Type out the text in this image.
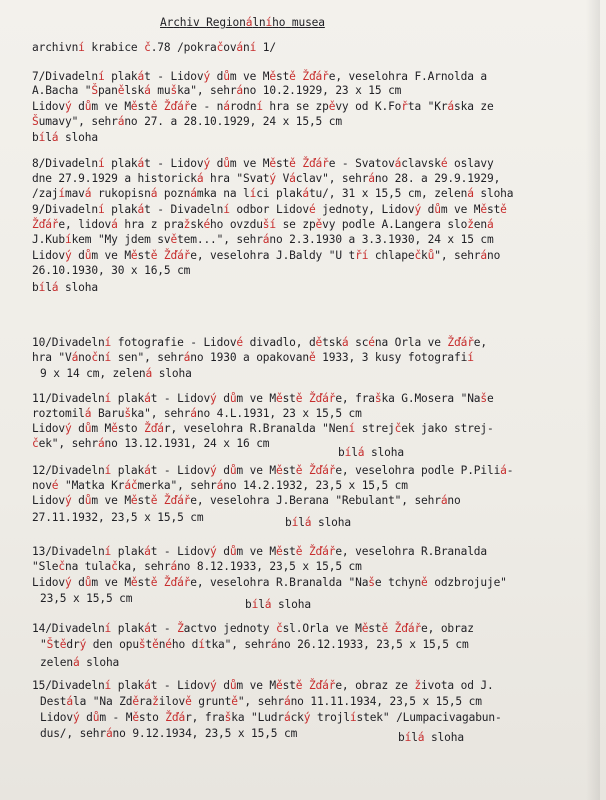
Archiv Regionálního musea
archivní krabice č.78 /pokračování 1/
7/Divadelní plakát - Lidový dům ve Městě Žďáře, veselohra F.Arnolda a
A.Bacha "Španělská muška", sehráno 10.2.1929, 23 x 15 cm
Lidový dům ve Městě Žďáře - národní hra se zpěvy od K.Fořta "Kráska ze
Šumavy", sehráno 27. a 28.10.1929, 24 x 15,5 cm
bílá sloha
8/Divadelní plakát - Lidový dům ve Městě Žďáře - Svatováclavské oslavy
dne 27.9.1929 a historická hra "Svatý Václav", sehráno 28. a 29.9.1929,
/zajímavá rukopisná poznámka na líci plakátu/, 31 x 15,5 cm, zelená sloha
9/Divadelní plakát - Divadelní odbor Lidové jednoty, Lidový dům ve Městě
Žďáře, lidová hra z pražského ovzduší se zpěvy podle A.Langera složená
J.Kubíkem "My jdem světem...", sehráno 2.3.1930 a 3.3.1930, 24 x 15 cm
Lidový dům ve Městě Žďáře, veselohra J.Baldy "U tří chlapečků", sehráno
26.10.1930, 30 x 16,5 cm
bílá sloha
10/Divadelní fotografie - Lidové divadlo, dětská scéna Orla ve Žďáře,
hra "Vánoční sen", sehráno 1930 a opakovaně 1933, 3 kusy fotografií
9 x 14 cm, zelená sloha
11/Divadelní plakát - Lidový dům ve Městě Žďáře, fraška G.Mosera "Naše
roztomilá Baruška", sehráno 4.L.1931, 23 x 15,5 cm
Lidový dům Město Žďár, veselohra R.Branalda "Není strejček jako strej-
ček", sehráno 13.12.1931, 24 x 16 cm
bílá sloha
12/Divadelní plakát - Lidový dům ve Městě Žďáře, veselohra podle P.Piliá-
nové "Matka Kráčmerka", sehráno 14.2.1932, 23,5 x 15,5 cm
Lidový dům ve Městě Žďáře, veselohra J.Berana "Rebulant", sehráno
27.11.1932, 23,5 x 15,5 cm	bílá sloha
13/Divadelní plakát - Lidový dům ve Městě Žďáře, veselohra R.Branalda
"Slečna tulačka, sehráno 8.12.1933, 23,5 x 15,5 cm
Lidový dům ve Městě Žďáře, veselohra R.Branalda "Naše tchyně odzbrojuje"
23,5 x 15,5 cm	bílá sloha
14/Divadelní plakát - Žactvo jednoty čsl.Orla ve Městě Žďáře, obraz
"Štědrý den opuštěného dítka", sehráno 26.12.1933, 23,5 x 15,5 cm
zelená sloha
15/Divadelní plakát - Lidový dům ve Městě Žďáře, obraz ze života od J.
Destála "Na Zděražilově gruntě", sehráno 11.11.1934, 23,5 x 15,5 cm
Lidový dům - Město Žďár, fraška "Ludrácký trojlístek" /Lumpacivagabun-
dus/, sehráno 9.12.1934, 23,5 x 15,5 cm	bílá sloha
